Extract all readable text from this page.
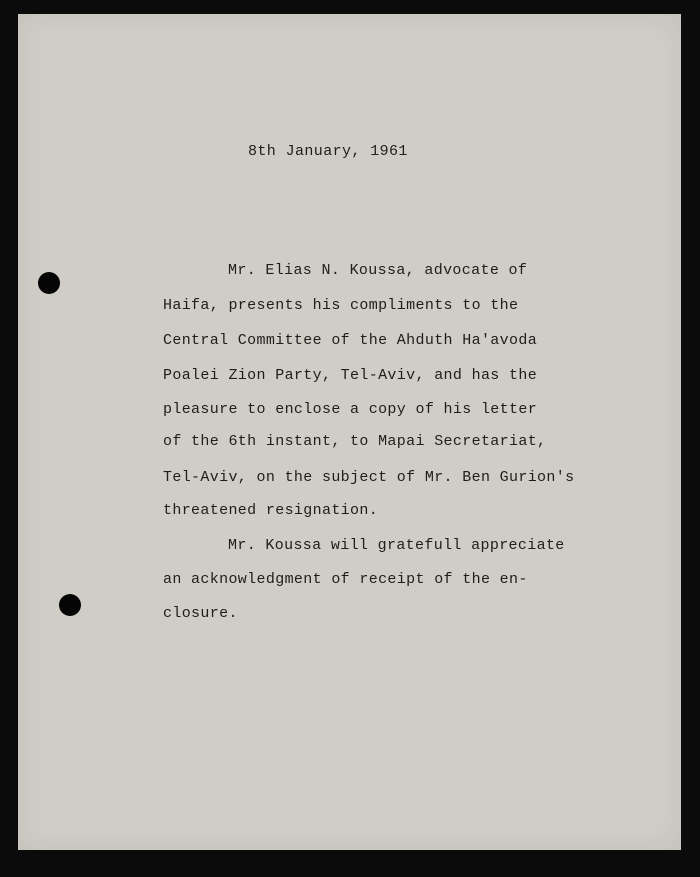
8th January, 1961
Mr. Elias N. Koussa, advocate of
Haifa, presents his compliments to the
Central Committee of the Ahduth Ha'avoda
Poalei Zion Party, Tel-Aviv, and has the
pleasure to enclose a copy of his letter
of the 6th instant, to Mapai Secretariat,
Tel-Aviv, on the subject of Mr. Ben Gurion's
threatened resignation.
Mr. Koussa will gratefull appreciate
an acknowledgment of receipt of the en-
closure.
